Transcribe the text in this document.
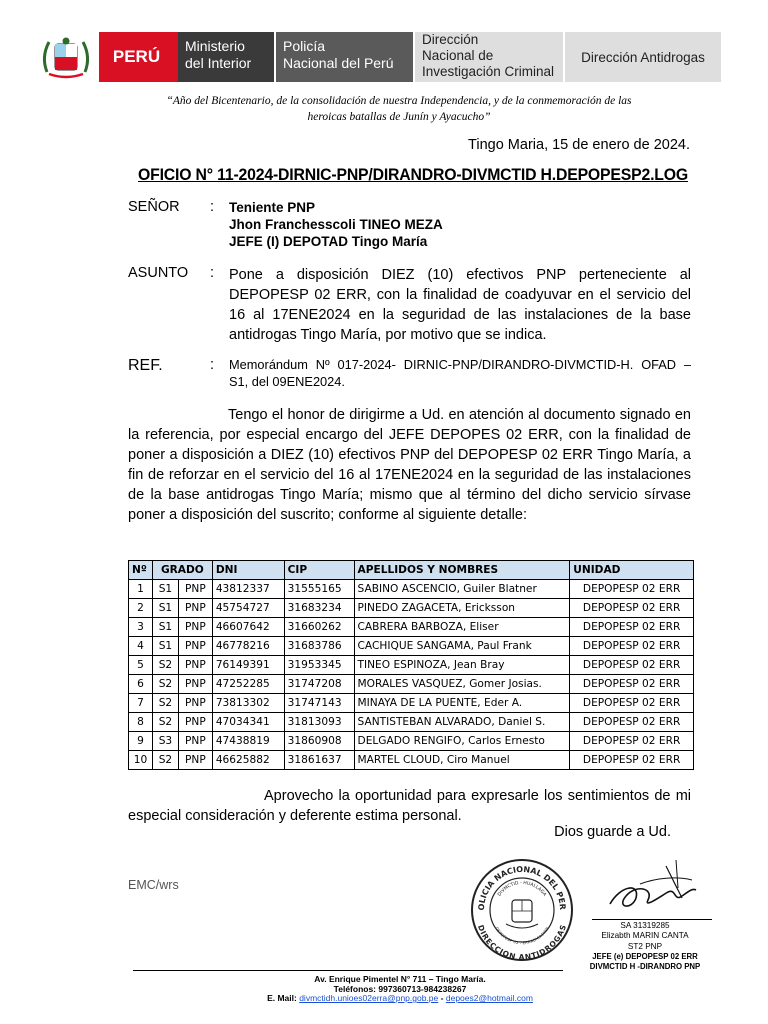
PERÚ
Ministerio
del Interior
Policía
Nacional del Perú
Dirección
Nacional de
Investigación Criminal
Dirección Antidrogas
“Año del Bicentenario, de la consolidación de nuestra Independencia, y de la conmemoración de las
heroicas batallas de Junín y Ayacucho”
Tingo Maria, 15 de enero de 2024.
OFICIO N° 11-2024-DIRNIC-PNP/DIRANDRO-DIVMCTID H.DEPOPESP2.LOG
SEÑOR : Teniente PNP
Jhon Franchesscoli TINEO MEZA
JEFE (I) DEPOTAD Tingo María
ASUNTO : Pone a disposición DIEZ (10) efectivos PNP perteneciente al DEPOPESP 02 ERR, con la finalidad de coadyuvar en el servicio del 16 al 17ENE2024 en la seguridad de las instalaciones de la base antidrogas Tingo María, por motivo que se indica.
REF.	: Memorándum Nº 017-2024- DIRNIC-PNP/DIRANDRO-DIVMCTID-H. OFAD – S1, del 09ENE2024.
Tengo el honor de dirigirme a Ud. en atención al documento signado en la referencia, por especial encargo del JEFE DEPOPES 02 ERR, con la finalidad de poner a disposición a DIEZ (10) efectivos PNP del DEPOPESP 02 ERR Tingo María, a fin de reforzar en el servicio del 16 al 17ENE2024 en la seguridad de las instalaciones de la base antidrogas Tingo María; mismo que al término del dicho servicio sírvase poner a disposición del suscrito; conforme al siguiente detalle:
Nº	GRADO		DNI	CIP	APELLIDOS Y NOMBRES	UNIDAD
1	S1	PNP	43812337	31555165	SABINO ASCENCIO, Guiler Blatner	DEPOPESP 02 ERR
2	S1	PNP	45754727	31683234	PINEDO ZAGACETA, Ericksson	DEPOPESP 02 ERR
3	S1	PNP	46607642	31660262	CABRERA BARBOZA, Eliser	DEPOPESP 02 ERR
4	S1	PNP	46778216	31683786	CACHIQUE SANGAMA, Paul Frank	DEPOPESP 02 ERR
5	S2	PNP	76149391	31953345	TINEO ESPINOZA, Jean Bray	DEPOPESP 02 ERR
6	S2	PNP	47252285	31747208	MORALES VASQUEZ, Gomer Josias.	DEPOPESP 02 ERR
7	S2	PNP	73813302	31747143	MINAYA DE LA PUENTE, Eder A.	DEPOPESP 02 ERR
8	S2	PNP	47034341	31813093	SANTISTEBAN ALVARADO, Daniel S.	DEPOPESP 02 ERR
9	S3	PNP	47438819	31860908	DELGADO RENGIFO, Carlos Ernesto	DEPOPESP 02 ERR
10	S2	PNP	46625882	31861637	MARTEL CLOUD, Ciro Manuel	DEPOPESP 02 ERR
Aprovecho la oportunidad para expresarle los sentimientos de mi especial consideración y deferente estima personal.
Dios guarde a Ud.
EMC/wrs
OLICIA NACIONAL DEL PER
DIRECCION ANTIDROGAS
DIVMCTID - HUALLAGA
DEPOPESP 02 - ERRADICACION	SA 31319285
Elizabth MARIN CANTA
ST2 PNP
JEFE (e) DEPOPESP 02 ERR
DIVMCTID H -DIRANDRO PNP
Av. Enrique Pimentel N° 711 – Tingo María.
Teléfonos: 997360713-984238267
E. Mail: divmctidh.unioes02erra@pnp.gob.pe - depoes2@hotmail.com
